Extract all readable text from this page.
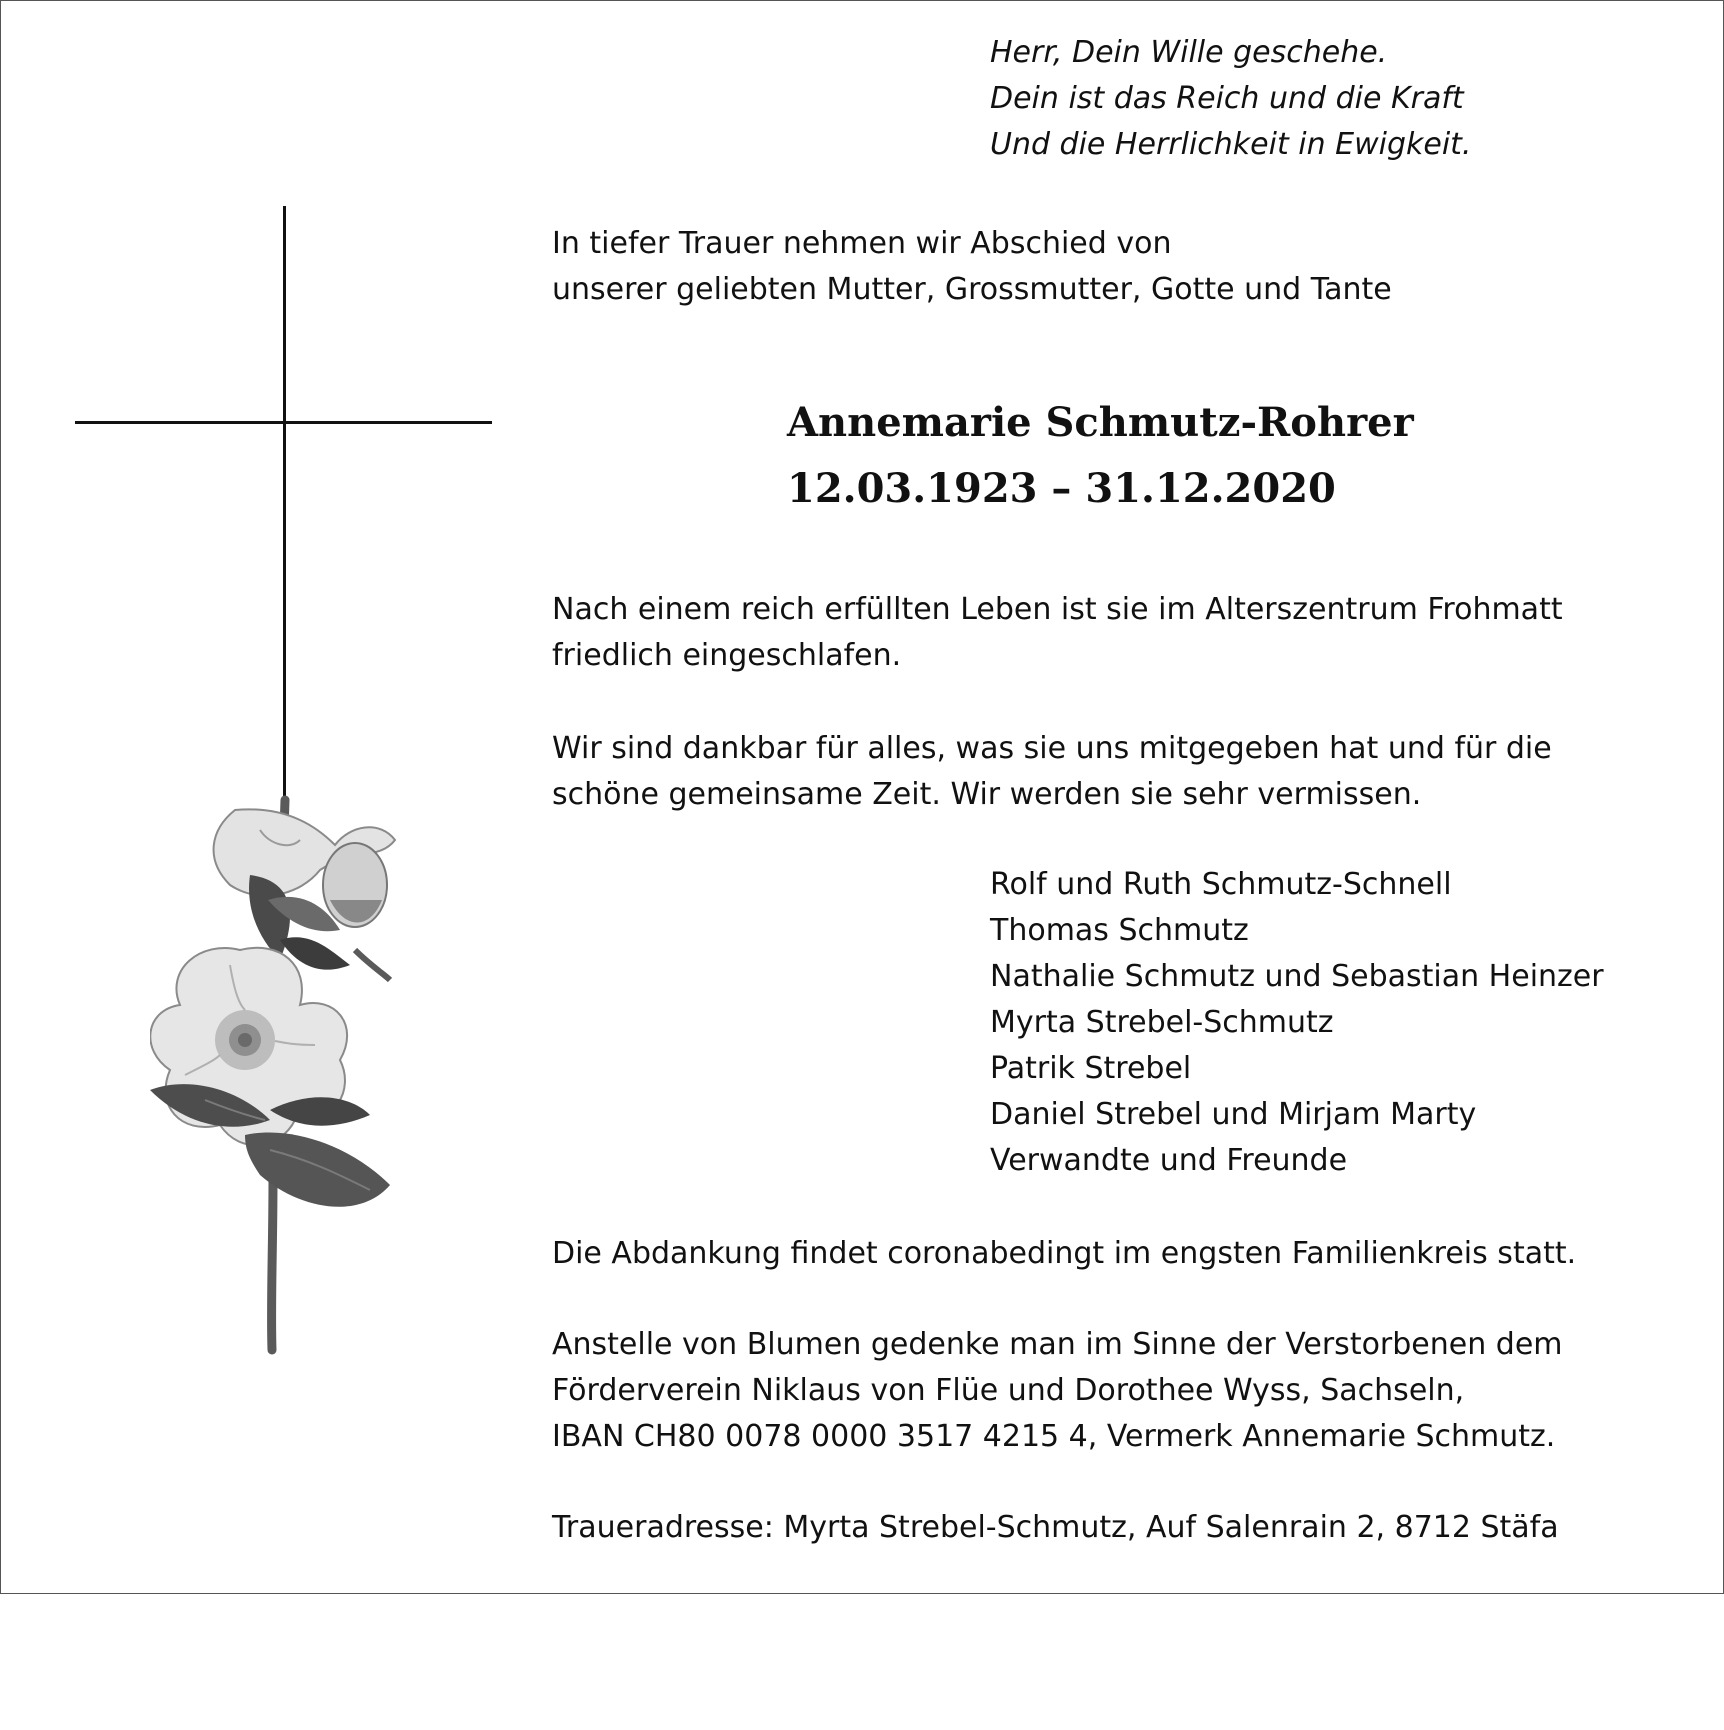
Herr, Dein Wille geschehe.
Dein ist das Reich und die Kraft
Und die Herrlichkeit in Ewigkeit.
In tiefer Trauer nehmen wir Abschied von
unserer geliebten Mutter, Grossmutter, Gotte und Tante
Annemarie Schmutz-Rohrer
12.03.1923 – 31.12.2020
Nach einem reich erfüllten Leben ist sie im Alterszentrum Frohmatt
friedlich eingeschlafen.
Wir sind dankbar für alles, was sie uns mitgegeben hat und für die
schöne gemeinsame Zeit. Wir werden sie sehr vermissen.
Rolf und Ruth Schmutz-Schnell
Thomas Schmutz
Nathalie Schmutz und Sebastian Heinzer
Myrta Strebel-Schmutz
Patrik Strebel
Daniel Strebel und Mirjam Marty
Verwandte und Freunde
Die Abdankung findet coronabedingt im engsten Familienkreis statt.
Anstelle von Blumen gedenke man im Sinne der Verstorbenen dem
Förderverein Niklaus von Flüe und Dorothee Wyss, Sachseln,
IBAN CH80 0078 0000 3517 4215 4, Vermerk Annemarie Schmutz.
Traueradresse: Myrta Strebel-Schmutz, Auf Salenrain 2, 8712 Stäfa
